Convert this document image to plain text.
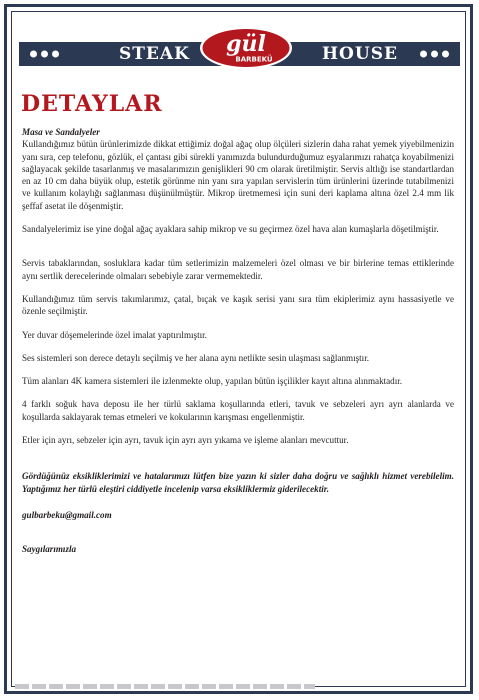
STEAK	HOUSE
gül
BARBEKÜ
DETAYLAR

Masa ve Sandalyeler

Kullandığımız bütün ürünlerimizde dikkat ettiğimiz doğal ağaç olup ölçüleri sizlerin daha rahat yemek yiyebilmenizin yanı sıra, cep telefonu, gözlük, el çantası gibi sürekli yanımızda bulundurduğumuz eşyalarımızı rahatça koyabilmenizi sağlayacak şekilde tasarlanmış ve masalarımızın genişlikleri 90 cm olarak üretilmiştir. Servis altlığı ise standartlardan en az 10 cm daha büyük olup, estetik görünme nin yanı sıra yapılan servislerin tüm ürünlerini üzerinde tutabilmenizi ve kullanım kolaylığı sağlanması düşünülmüştür. Mikrop üretmemesi için suni deri kaplama altına özel 2.4 mm lik şeffaf asetat ile döşenmiştir.

Sandalyelerimiz ise yine doğal ağaç ayaklara sahip mikrop ve su geçirmez özel hava alan kumaşlarla döşetilmiştir.

Servis tabaklarından, sosluklara kadar tüm setlerimizin malzemeleri özel olması ve bir birlerine temas ettiklerinde aynı sertlik derecelerinde olmaları sebebiyle zarar vermemektedir.

Kullandığımız tüm servis takımlarımız, çatal, bıçak ve kaşık serisi yanı sıra tüm ekiplerimiz aynı hassasiyetle ve özenle seçilmiştir.

Yer duvar döşemelerinde özel imalat yaptırılmıştır.

Ses sistemleri son derece detaylı seçilmiş ve her alana aynı netlikte sesin ulaşması sağlanmıştır.

Tüm alanları 4K kamera sistemleri ile izlenmekte olup, yapılan bütün işçilikler kayıt altına alınmaktadır.

4 farklı soğuk hava deposu ile her türlü saklama koşullarında etleri, tavuk ve sebzeleri ayrı ayrı alanlarda ve koşullarda saklayarak temas etmeleri ve kokularının karışması engellenmiştir.

Etler için ayrı, sebzeler için ayrı, tavuk için ayrı ayrı yıkama ve işleme alanları mevcuttur.

Gördüğünüz eksikliklerimizi ve hatalarımızı lütfen bize yazın ki sizler daha doğru ve sağlıklı hizmet verebilelim. Yaptığımız her türlü eleştiri ciddiyetle incelenip varsa eksikliklermiz giderilecektir.

gulbarbeku@gmail.com

Saygılarımızla
